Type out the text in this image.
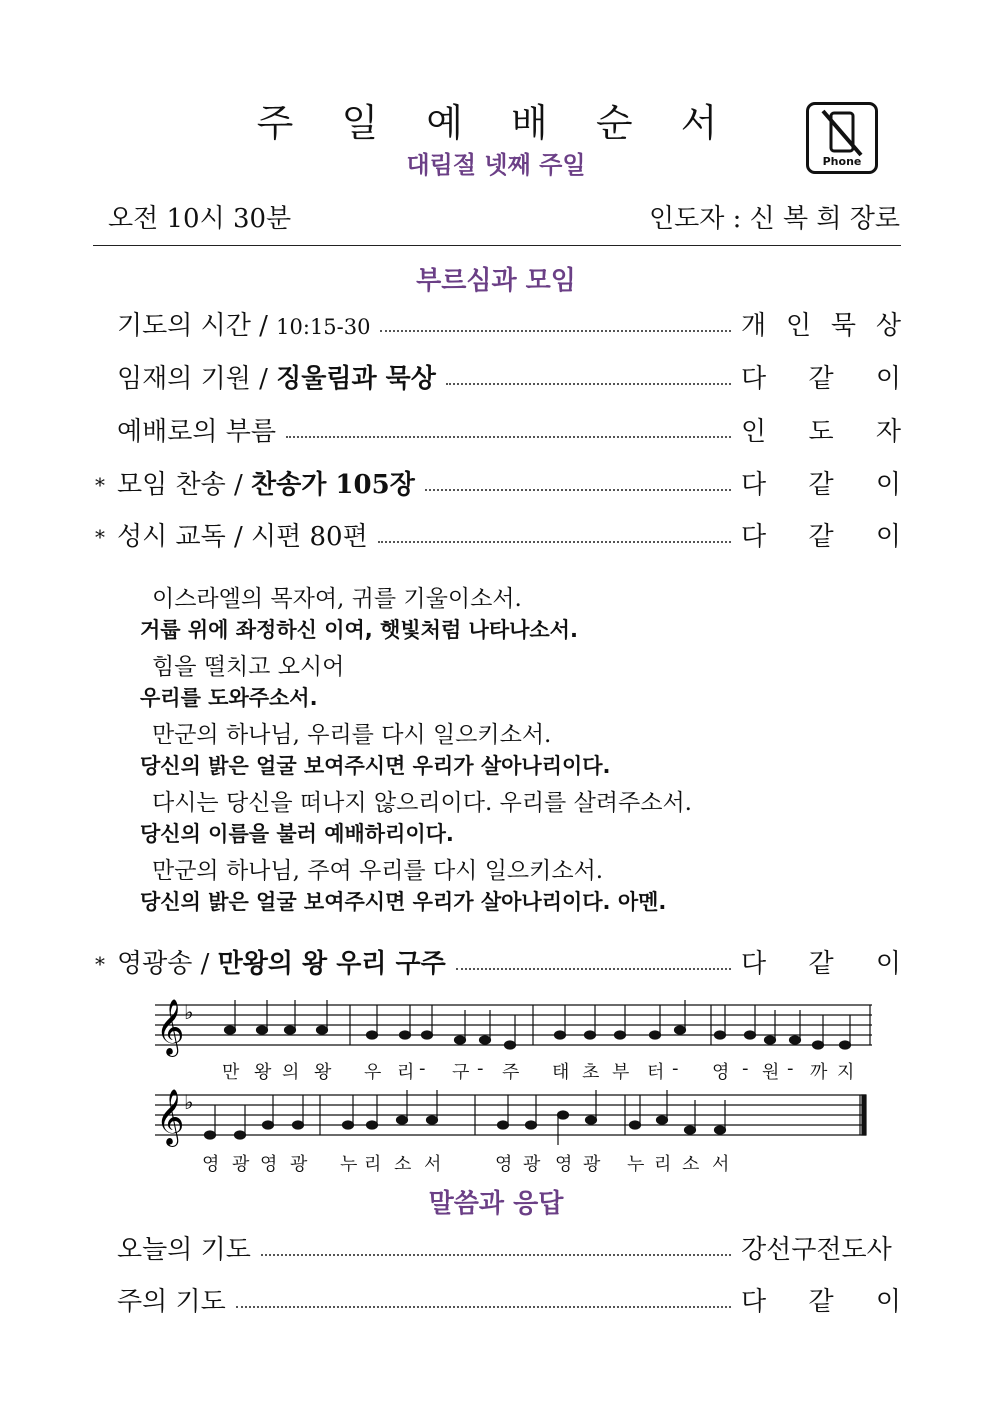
주 일 예 배 순 서
대림절 넷째 주일	Phone
오전 10시 30분	인도자 : 신 복 희 장로
부르심과 모임
기도의 시간 / 10:15-30	개 인 묵 상
임재의 기원 / 징울림과 묵상	다 같 이
예배로의 부름	인 도 자
* 모임 찬송 / 찬송가 105장	다 같 이
* 성시 교독 / 시편 80편	다 같 이
이스라엘의 목자여, 귀를 기울이소서.
거룹 위에 좌정하신 이여, 햇빛처럼 나타나소서.
힘을 떨치고 오시어
우리를 도와주소서.
만군의 하나님, 우리를 다시 일으키소서.
당신의 밝은 얼굴 보여주시면 우리가 살아나리이다.
다시는 당신을 떠나지 않으리이다. 우리를 살려주소서.
당신의 이름을 불러 예배하리이다.
만군의 하나님, 주여 우리를 다시 일으키소서.
당신의 밝은 얼굴 보여주시면 우리가 살아나리이다. 아멘.
* 영광송 / 만왕의 왕 우리 구주	다 같 이
𝄞 ♭
𝄞 ♭
만 왕 의 왕 우 리 - 구 - 주 태 초 부 터 - 영 - 원 - 까 지
영 광 영 광 누 리 소 서	영 광 영 광 누 리 소 서
말씀과 응답
오늘의 기도	강선구전도사
주의 기도	다 같 이
